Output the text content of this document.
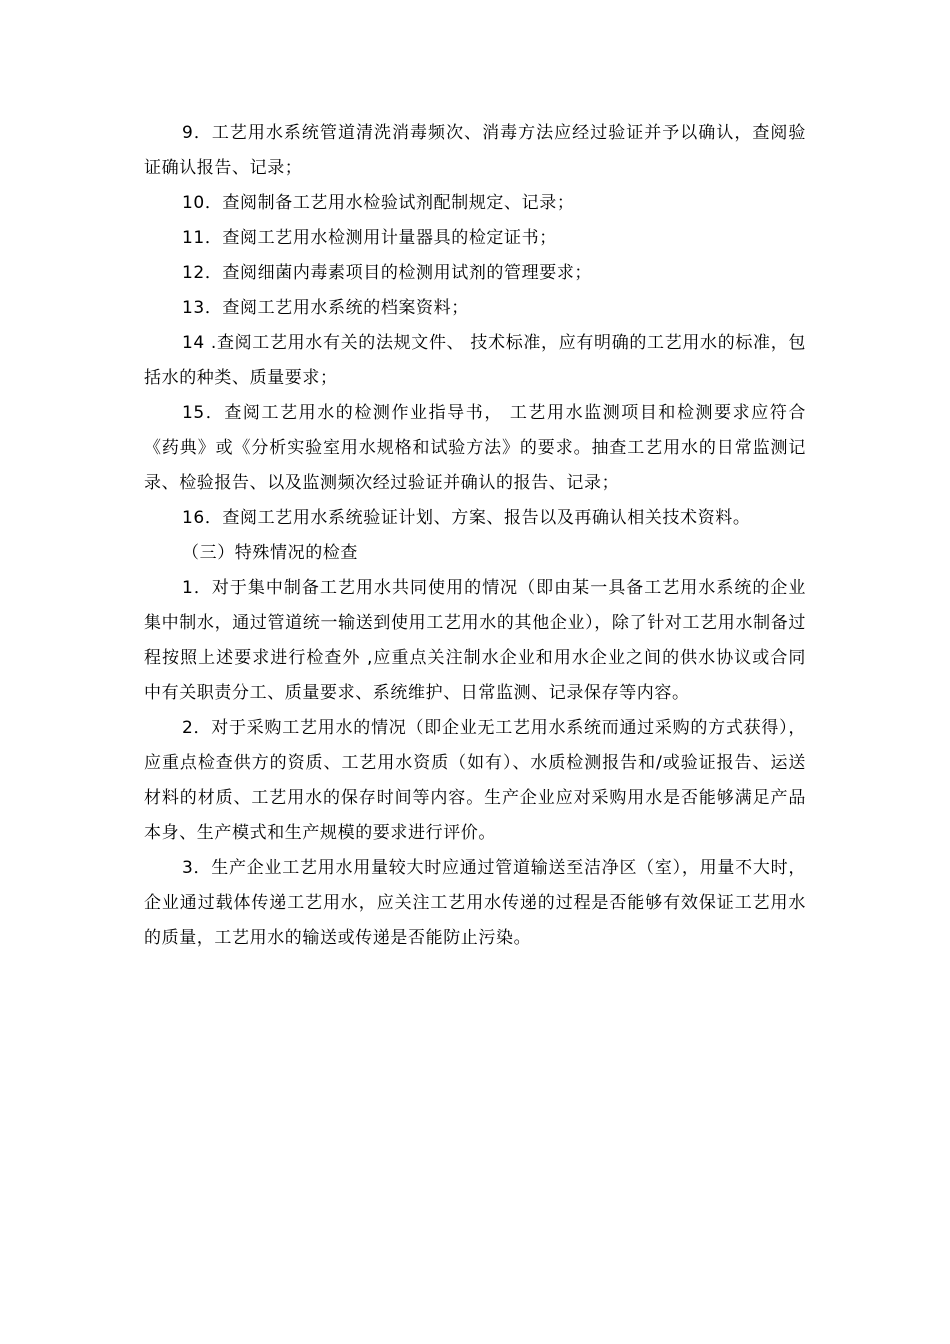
9．工艺用水系统管道清洗消毒频次、消毒方法应经过验证并予以确认，查阅验证确认报告、记录；

10．查阅制备工艺用水检验试剂配制规定、记录；

11．查阅工艺用水检测用计量器具的检定证书；

12．查阅细菌内毒素项目的检测用试剂的管理要求；

13．查阅工艺用水系统的档案资料；

14 .查阅工艺用水有关的法规文件、 技术标准，应有明确的工艺用水的标准，包括水的种类、质量要求；

15．查阅工艺用水的检测作业指导书， 工艺用水监测项目和检测要求应符合《药典》或《分析实验室用水规格和试验方法》的要求。抽查工艺用水的日常监测记录、检验报告、以及监测频次经过验证并确认的报告、记录；

16．查阅工艺用水系统验证计划、方案、报告以及再确认相关技术资料。

（三）特殊情况的检查

1．对于集中制备工艺用水共同使用的情况（即由某一具备工艺用水系统的企业集中制水，通过管道统一输送到使用工艺用水的其他企业），除了针对工艺用水制备过程按照上述要求进行检查外 ,应重点关注制水企业和用水企业之间的供水协议或合同中有关职责分工、质量要求、系统维护、日常监测、记录保存等内容。

2．对于采购工艺用水的情况（即企业无工艺用水系统而通过采购的方式获得），应重点检查供方的资质、工艺用水资质（如有）、水质检测报告和/或验证报告、运送材料的材质、工艺用水的保存时间等内容。生产企业应对采购用水是否能够满足产品本身、生产模式和生产规模的要求进行评价。

3．生产企业工艺用水用量较大时应通过管道输送至洁净区（室），用量不大时，企业通过载体传递工艺用水，应关注工艺用水传递的过程是否能够有效保证工艺用水的质量，工艺用水的输送或传递是否能防止污染。
